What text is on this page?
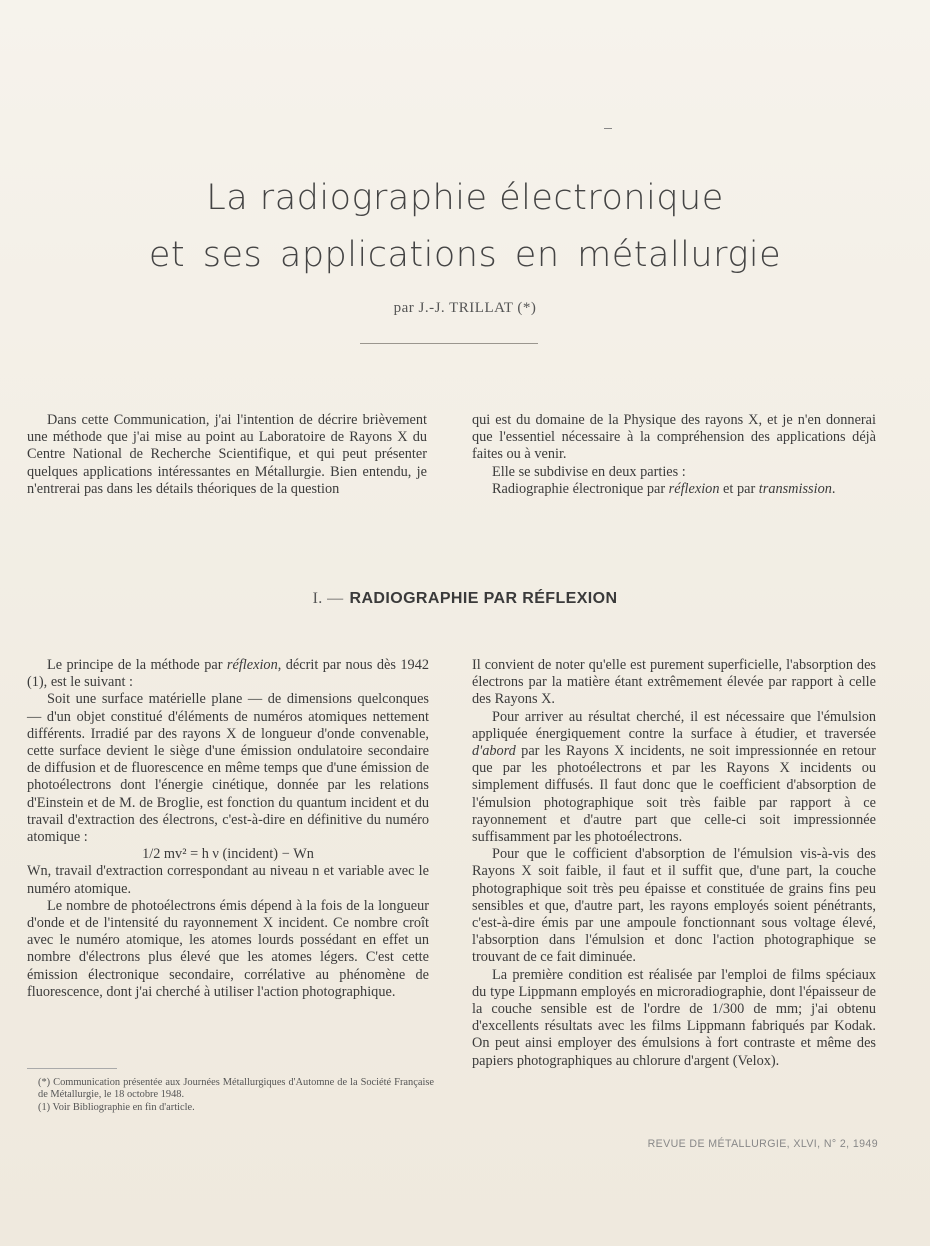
La radiographie électronique
et ses applications en métallurgie
par J.-J. TRILLAT (*)

Dans cette Communication, j'ai l'intention de décrire brièvement une méthode que j'ai mise au point au Laboratoire de Rayons X du Centre National de Recherche Scientifique, et qui peut présenter quelques applications intéressantes en Métallurgie. Bien entendu, je n'entrerai pas dans les détails théoriques de la question

qui est du domaine de la Physique des rayons X, et je n'en donnerai que l'essentiel nécessaire à la compréhension des applications déjà faites ou à venir.

Elle se subdivise en deux parties :

Radiographie électronique par réflexion et par transmission.

I. — RADIOGRAPHIE PAR RÉFLEXION

Le principe de la méthode par réflexion, décrit par nous dès 1942 (1), est le suivant :

Soit une surface matérielle plane — de dimensions quelconques — d'un objet constitué d'éléments de numéros atomiques nettement différents. Irradié par des rayons X de longueur d'onde convenable, cette surface devient le siège d'une émission ondulatoire secondaire de diffusion et de fluorescence en même temps que d'une émission de photoélectrons dont l'énergie cinétique, donnée par les relations d'Einstein et de M. de Broglie, est fonction du quantum incident et du travail d'extraction des électrons, c'est-à-dire en définitive du numéro atomique :

1/2 mv² = h ν (incident) − Wn

Wn, travail d'extraction correspondant au niveau n et variable avec le numéro atomique.

Le nombre de photoélectrons émis dépend à la fois de la longueur d'onde et de l'intensité du rayonnement X incident. Ce nombre croît avec le numéro atomique, les atomes lourds possédant en effet un nombre d'électrons plus élevé que les atomes légers. C'est cette émission électronique secondaire, corrélative au phénomène de fluorescence, dont j'ai cherché à utiliser l'action photographique.

(*) Communication présentée aux Journées Métallurgiques d'Automne de la Société Française de Métallurgie, le 18 octobre 1948.

(1) Voir Bibliographie en fin d'article.

Il convient de noter qu'elle est purement superficielle, l'absorption des électrons par la matière étant extrêmement élevée par rapport à celle des Rayons X.

Pour arriver au résultat cherché, il est nécessaire que l'émulsion appliquée énergiquement contre la surface à étudier, et traversée d'abord par les Rayons X incidents, ne soit impressionnée en retour que par les photoélectrons et par les Rayons X incidents ou simplement diffusés. Il faut donc que le coefficient d'absorption de l'émulsion photographique soit très faible par rapport à ce rayonnement et d'autre part que celle-ci soit impressionnée suffisamment par les photoélectrons.

Pour que le cofficient d'absorption de l'émulsion vis-à-vis des Rayons X soit faible, il faut et il suffit que, d'une part, la couche photographique soit très peu épaisse et constituée de grains fins peu sensibles et que, d'autre part, les rayons employés soient pénétrants, c'est-à-dire émis par une ampoule fonctionnant sous voltage élevé, l'absorption dans l'émulsion et donc l'action photographique se trouvant de ce fait diminuée.

La première condition est réalisée par l'emploi de films spéciaux du type Lippmann employés en microradiographie, dont l'épaisseur de la couche sensible est de l'ordre de 1/300 de mm; j'ai obtenu d'excellents résultats avec les films Lippmann fabriqués par Kodak. On peut ainsi employer des émulsions à fort contraste et même des papiers photographiques au chlorure d'argent (Velox).

REVUE DE MÉTALLURGIE, XLVI, N° 2, 1949
